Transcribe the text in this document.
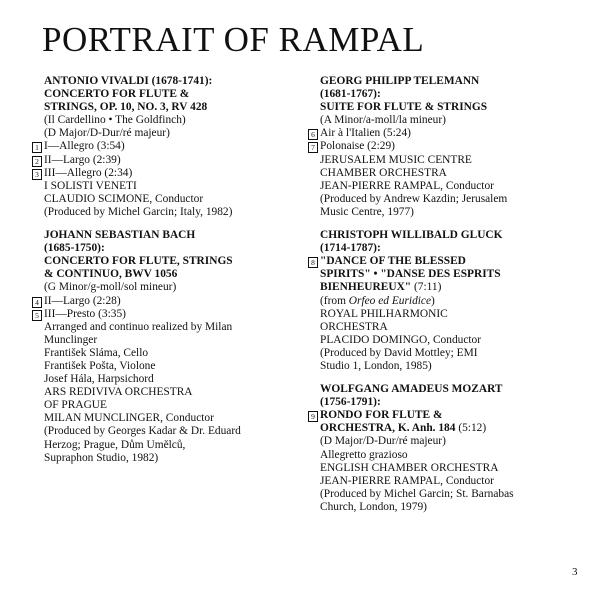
PORTRAIT OF RAMPAL
ANTONIO VIVALDI (1678-1741):
CONCERTO FOR FLUTE &
STRINGS, OP. 10, NO. 3, RV 428
(Il Cardellino • The Goldfinch)
(D Major/D-Dur/ré majeur)
1 I—Allegro (3:54)
2 II—Largo (2:39)
3 III—Allegro (2:34)
I SOLISTI VENETI
CLAUDIO SCIMONE, Conductor
(Produced by Michel Garcin; Italy, 1982)
JOHANN SEBASTIAN BACH
(1685-1750):
CONCERTO FOR FLUTE, STRINGS
& CONTINUO, BWV 1056
(G Minor/g-moll/sol mineur)
4 II—Largo (2:28)
5 III—Presto (3:35)
Arranged and continuo realized by Milan
Munclinger
František Sláma, Cello
František Pošta, Violone
Josef Hála, Harpsichord
ARS REDIVIVA ORCHESTRA
OF PRAGUE
MILAN MUNCLINGER, Conductor
(Produced by Georges Kadar & Dr. Eduard
Herzog; Prague, Dům Umělců,
Supraphon Studio, 1982)
GEORG PHILIPP TELEMANN
(1681-1767):
SUITE FOR FLUTE & STRINGS
(A Minor/a-moll/la mineur)
6 Air à l'Italien (5:24)
7 Polonaise (2:29)
JERUSALEM MUSIC CENTRE
CHAMBER ORCHESTRA
JEAN-PIERRE RAMPAL, Conductor
(Produced by Andrew Kazdin; Jerusalem
Music Centre, 1977)
CHRISTOPH WILLIBALD GLUCK
(1714-1787):
8 "DANCE OF THE BLESSED
SPIRITS" • "DANSE DES ESPRITS
BIENHEUREUX" (7:11)
(from Orfeo ed Euridice)
ROYAL PHILHARMONIC
ORCHESTRA
PLACIDO DOMINGO, Conductor
(Produced by David Mottley; EMI
Studio 1, London, 1985)
WOLFGANG AMADEUS MOZART
(1756-1791):
9 RONDO FOR FLUTE &
ORCHESTRA, K. Anh. 184 (5:12)
(D Major/D-Dur/ré majeur)
Allegretto grazioso
ENGLISH CHAMBER ORCHESTRA
JEAN-PIERRE RAMPAL, Conductor
(Produced by Michel Garcin; St. Barnabas
Church, London, 1979)
3
